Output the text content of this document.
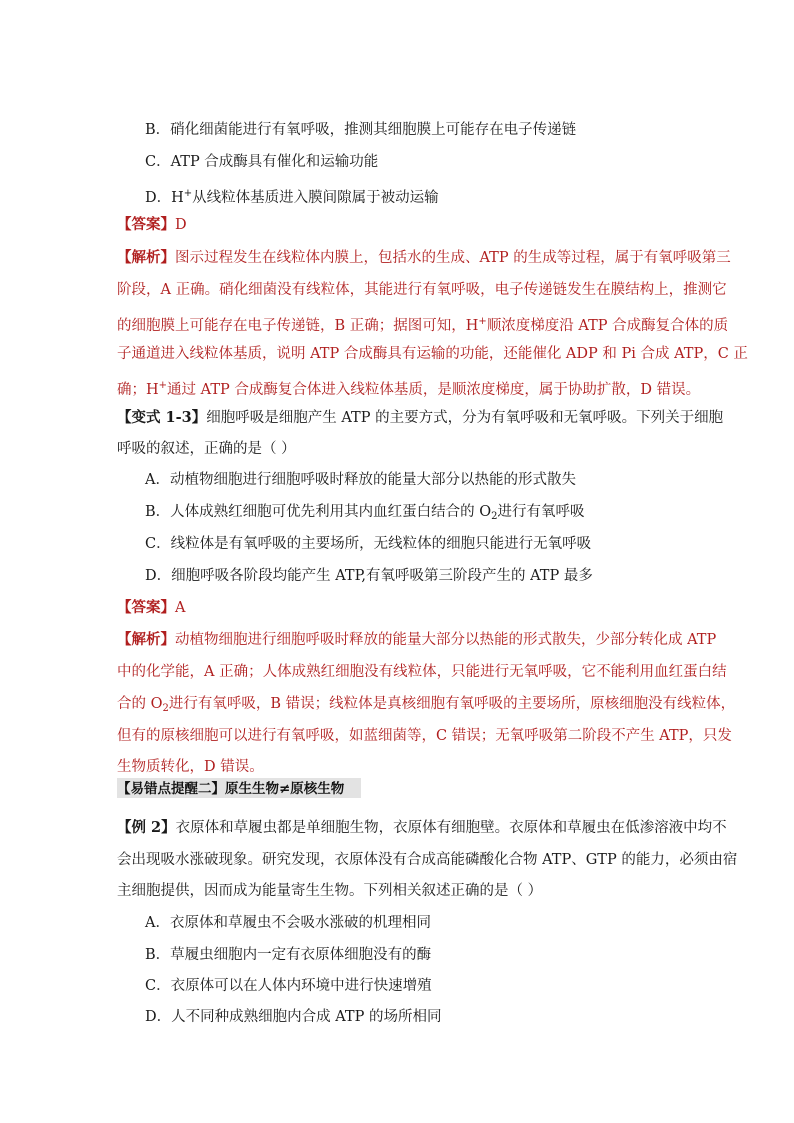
B．硝化细菌能进行有氧呼吸，推测其细胞膜上可能存在电子传递链
C．ATP 合成酶具有催化和运输功能
D．H+从线粒体基质进入膜间隙属于被动运输
【答案】D
【解析】图示过程发生在线粒体内膜上，包括水的生成、ATP 的生成等过程，属于有氧呼吸第三
阶段，A 正确。硝化细菌没有线粒体，其能进行有氧呼吸，电子传递链发生在膜结构上，推测它
的细胞膜上可能存在电子传递链，B 正确；据图可知，H+顺浓度梯度沿 ATP 合成酶复合体的质
子通道进入线粒体基质，说明 ATP 合成酶具有运输的功能，还能催化 ADP 和 Pi 合成 ATP，C 正
确；H+通过 ATP 合成酶复合体进入线粒体基质，是顺浓度梯度，属于协助扩散，D 错误。
【变式 1-3】细胞呼吸是细胞产生 ATP 的主要方式，分为有氧呼吸和无氧呼吸。下列关于细胞
呼吸的叙述，正确的是（ ）
A．动植物细胞进行细胞呼吸时释放的能量大部分以热能的形式散失
B．人体成熟红细胞可优先利用其内血红蛋白结合的 $O_2$进行有氧呼吸
C．线粒体是有氧呼吸的主要场所，无线粒体的细胞只能进行无氧呼吸
D．细胞呼吸各阶段均能产生 ATP,有氧呼吸第三阶段产生的 ATP 最多
【答案】A
【解析】动植物细胞进行细胞呼吸时释放的能量大部分以热能的形式散失，少部分转化成 ATP
中的化学能，A 正确；人体成熟红细胞没有线粒体，只能进行无氧呼吸，它不能利用血红蛋白结
合的 $O_2$进行有氧呼吸，B 错误；线粒体是真核细胞有氧呼吸的主要场所，原核细胞没有线粒体，
但有的原核细胞可以进行有氧呼吸，如蓝细菌等，C 错误；无氧呼吸第二阶段不产生 ATP，只发
生物质转化，D 错误。
【易错点提醒二】原生生物≠原核生物
【例 2】衣原体和草履虫都是单细胞生物，衣原体有细胞壁。衣原体和草履虫在低渗溶液中均不
会出现吸水涨破现象。研究发现，衣原体没有合成高能磷酸化合物 ATP、GTP 的能力，必须由宿
主细胞提供，因而成为能量寄生生物。下列相关叙述正确的是（ ）
A．衣原体和草履虫不会吸水涨破的机理相同
B．草履虫细胞内一定有衣原体细胞没有的酶
C．衣原体可以在人体内环境中进行快速增殖
D．人不同种成熟细胞内合成 ATP 的场所相同
